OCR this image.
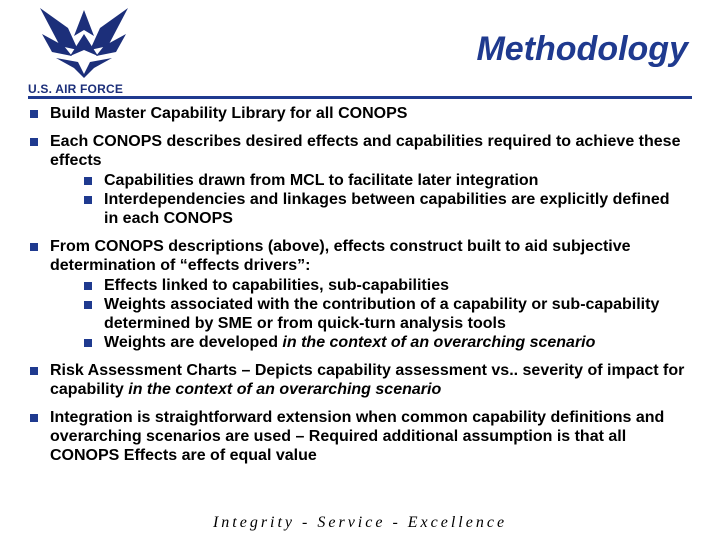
U.S. AIR FORCE
Methodology
Build Master Capability Library for all CONOPS
Each CONOPS describes desired effects and capabilities required to achieve these effects
Capabilities drawn from MCL to facilitate later integration
Interdependencies and linkages between capabilities are explicitly defined in each CONOPS
From CONOPS descriptions (above), effects construct built to aid subjective determination of “effects drivers”:
Effects linked to capabilities, sub-capabilities
Weights associated with the contribution of a capability or sub-capability determined by SME or from quick-turn analysis tools
Weights are developed in the context of an overarching scenario
Risk Assessment Charts – Depicts capability assessment vs.. severity of impact for capability in the context of an overarching scenario
Integration is straightforward extension when common capability definitions and overarching scenarios are used – Required additional assumption is that all CONOPS Effects are of equal value
Integrity - Service - Excellence
